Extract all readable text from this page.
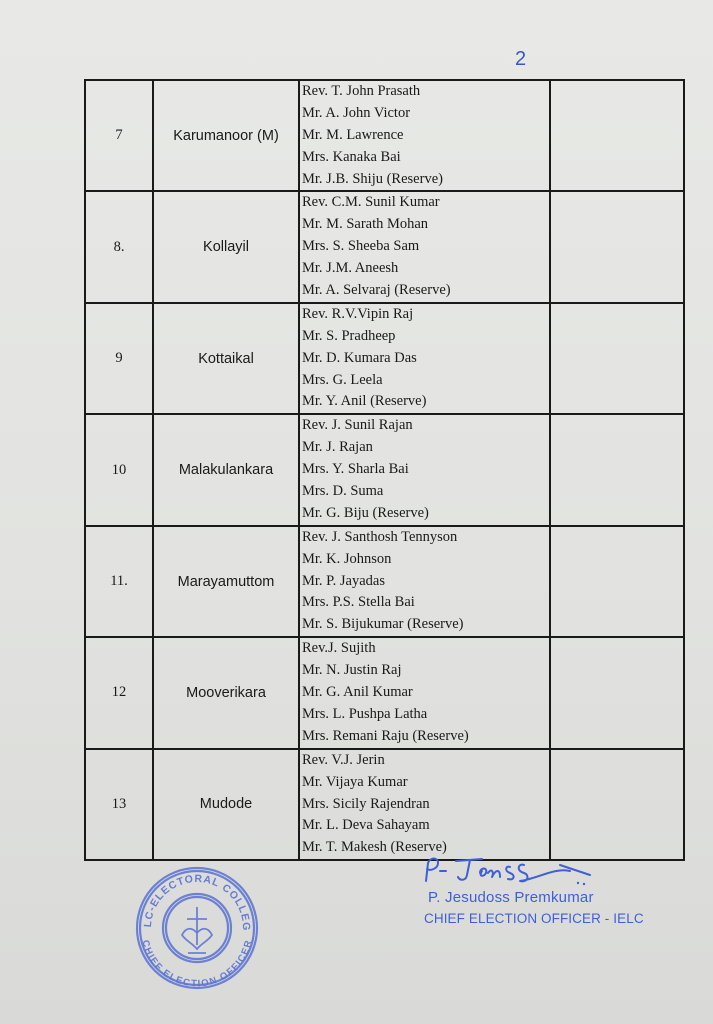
2
7	Karumanoor (M)	Rev. T. John Prasath
Mr. A. John Victor
Mr. M. Lawrence
Mrs. Kanaka Bai
Mr. J.B. Shiju (Reserve)	

8.	Kollayil	Rev. C.M. Sunil Kumar
Mr. M. Sarath Mohan
Mrs. S. Sheeba Sam
Mr. J.M. Aneesh
Mr. A. Selvaraj (Reserve)	

9	Kottaikal	Rev. R.V.Vipin Raj
Mr. S. Pradheep
Mr. D. Kumara Das
Mrs. G. Leela
Mr. Y. Anil (Reserve)	

10	Malakulankara	Rev. J. Sunil Rajan
Mr. J. Rajan
Mrs. Y. Sharla Bai
Mrs. D. Suma
Mr. G. Biju (Reserve)	

11.	Marayamuttom	Rev. J. Santhosh Tennyson
Mr. K. Johnson
Mr. P. Jayadas
Mrs. P.S. Stella Bai
Mr. S. Bijukumar (Reserve)	

12	Mooverikara	Rev.J. Sujith
Mr. N. Justin Raj
Mr. G. Anil Kumar
Mrs. L. Pushpa Latha
Mrs. Remani Raju (Reserve)	

13	Mudode	Rev. V.J. Jerin
Mr. Vijaya Kumar
Mrs. Sicily Rajendran
Mr. L. Deva Sahayam
Mr. T. Makesh (Reserve)	

P. Jesudoss Premkumar
CHIEF ELECTION OFFICER - IELC
LC-ELECTORAL COLLEG
CHIEF ELECTION OFFICER
